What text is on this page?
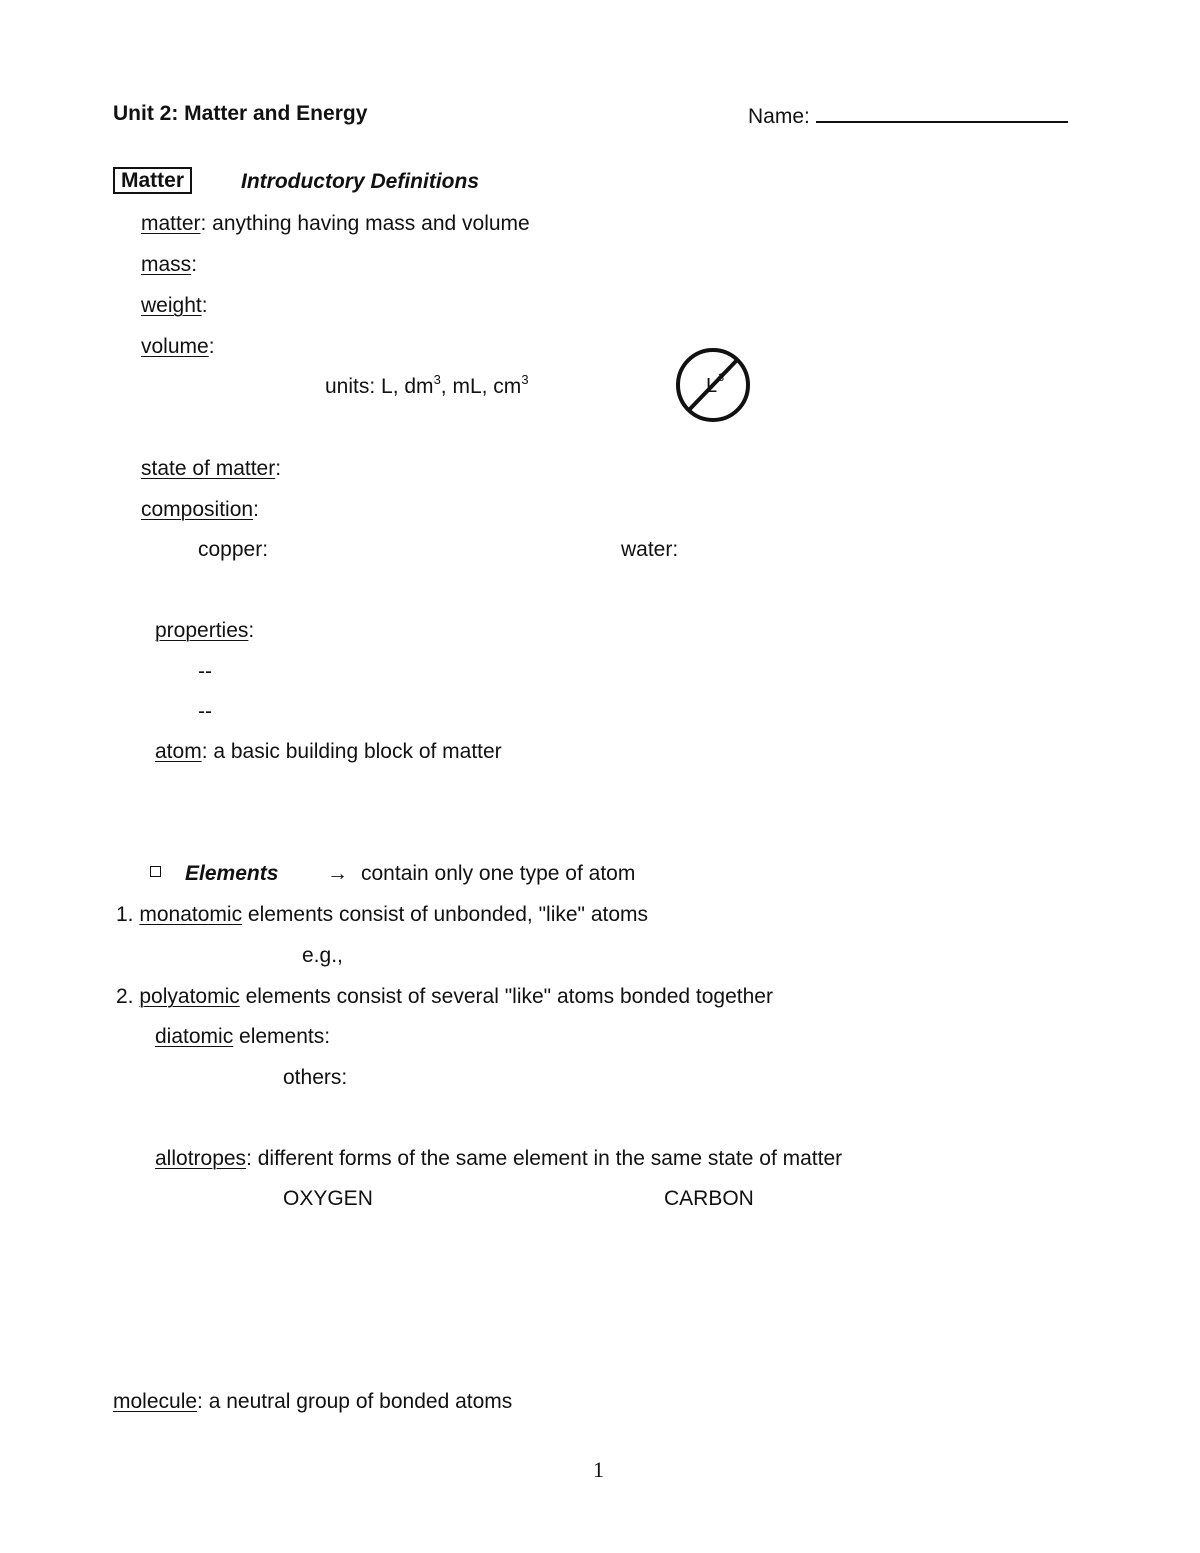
Unit 2: Matter and Energy	Name:
Matter	Introductory Definitions
matter: anything having mass and volume
mass:
weight:
volume:
units: L, $dm^3$, mL, $cm^3$	L 3
state of matter:
composition:
copper:	water:
properties:
--
--
atom: a basic building block of matter
Elements → contain only one type of atom
1. monatomic elements consist of unbonded, "like" atoms
e.g.,
2. polyatomic elements consist of several "like" atoms bonded together
diatomic elements:
others:
allotropes: different forms of the same element in the same state of matter
OXYGEN	CARBON
molecule: a neutral group of bonded atoms
1
